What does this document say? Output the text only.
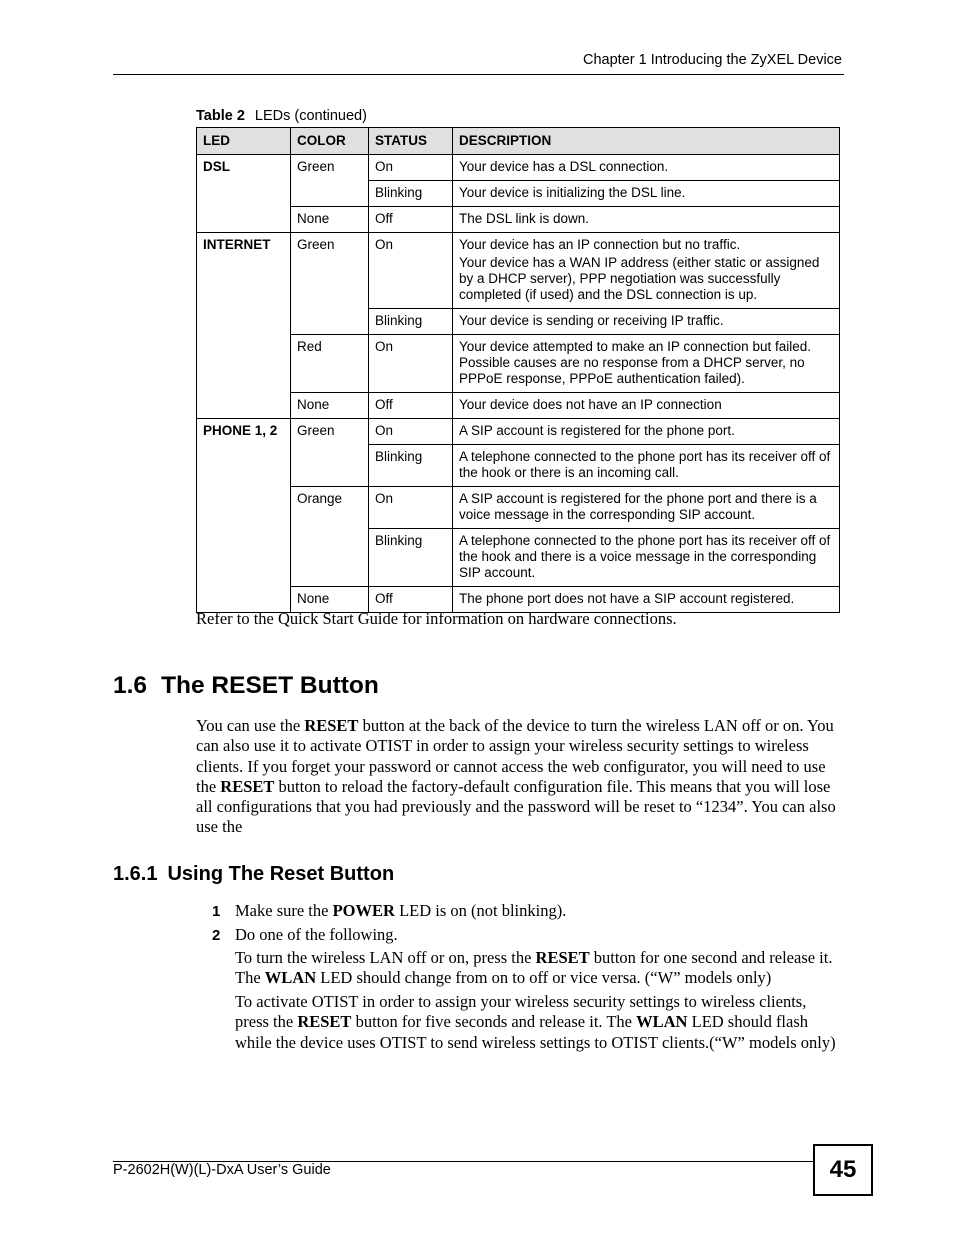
Chapter 1 Introducing the ZyXEL Device
Table 2 LEDs (continued)
LED	COLOR	STATUS	DESCRIPTION
DSL	Green	On	Your device has a DSL connection.

		Blinking	Your device is initializing the DSL line.

	None	Off	The DSL link is down.

INTERNET	Green	On	Your device has an IP connection but no traffic.

Your device has a WAN IP address (either static or assigned by a DHCP server), PPP negotiation was successfully completed (if used) and the DSL connection is up.

		Blinking	Your device is sending or receiving IP traffic.

	Red	On	Your device attempted to make an IP connection but failed. Possible causes are no response from a DHCP server, no PPPoE response, PPPoE authentication failed).

	None	Off	Your device does not have an IP connection

PHONE 1, 2	Green	On	A SIP account is registered for the phone port.

		Blinking	A telephone connected to the phone port has its receiver off of the hook or there is an incoming call.

	Orange	On	A SIP account is registered for the phone port and there is a voice message in the corresponding SIP account.

		Blinking	A telephone connected to the phone port has its receiver off of the hook and there is a voice message in the corresponding SIP account.

	None	Off	The phone port does not have a SIP account registered.

Refer to the Quick Start Guide for information on hardware connections.
1.6 The RESET Button

You can use the RESET button at the back of the device to turn the wireless LAN off or on. You can also use it to activate OTIST in order to assign your wireless security settings to wireless clients. If you forget your password or cannot access the web configurator, you will need to use the RESET button to reload the factory-default configuration file. This means that you will lose all configurations that you had previously and the password will be reset to “1234”. You can also use the

1.6.1 Using The Reset Button
1 Make sure the POWER LED is on (not blinking).
2 Do one of the following.

To turn the wireless LAN off or on, press the RESET button for one second and release it. The WLAN LED should change from on to off or vice versa. (“W” models only)

To activate OTIST in order to assign your wireless security settings to wireless clients, press the RESET button for five seconds and release it. The WLAN LED should flash while the device uses OTIST to send wireless settings to OTIST clients.(“W” models only)

P-2602H(W)(L)-DxA User’s Guide	45
